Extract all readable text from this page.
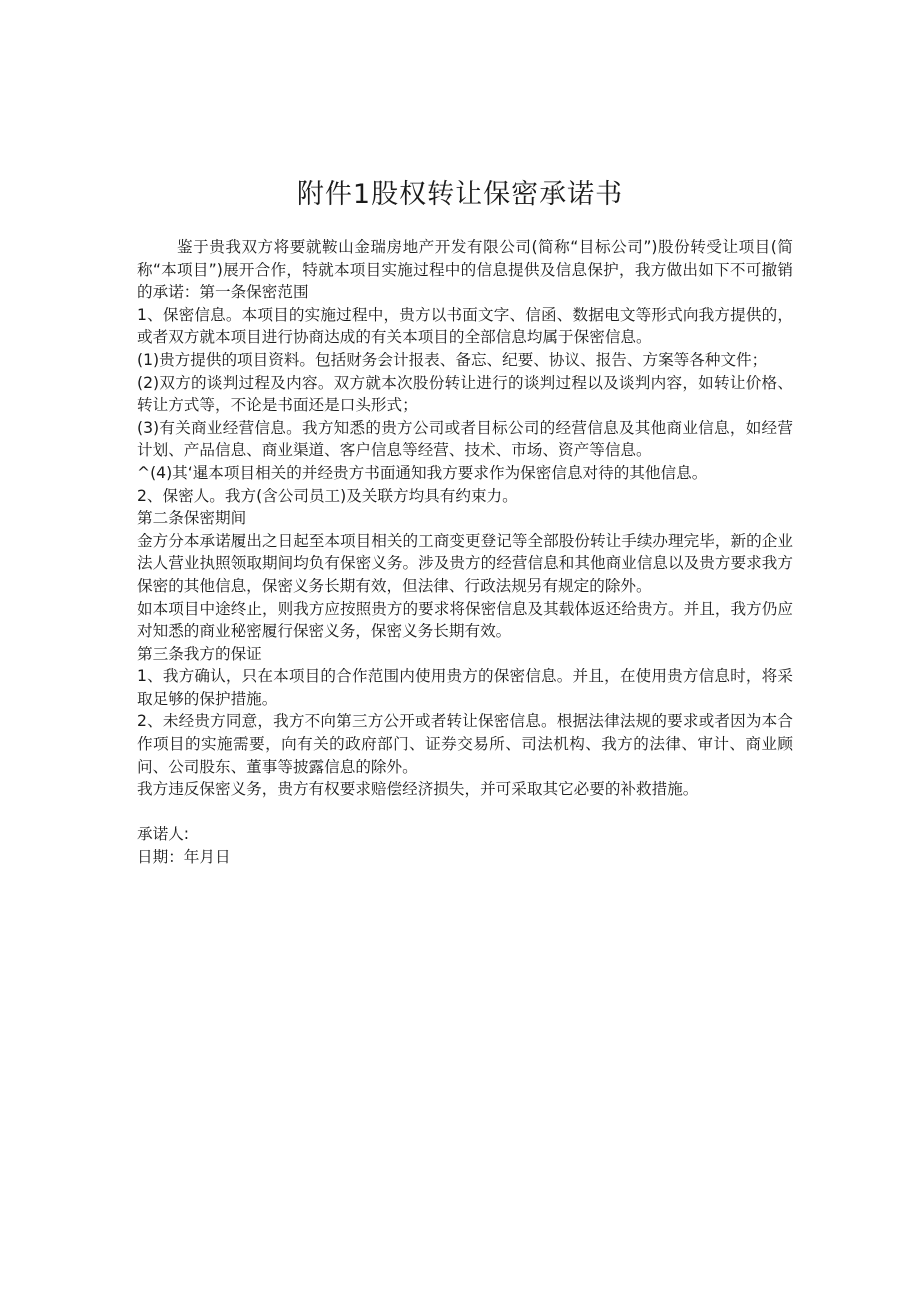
附件1股权转让保密承诺书

鉴于贵我双方将要就鞍山金瑞房地产开发有限公司(简称“目标公司”)股份转受让项目(简称“本项目”)展开合作，特就本项目实施过程中的信息提供及信息保护，我方做出如下不可撤销的承诺：第一条保密范围

1、保密信息。本项目的实施过程中，贵方以书面文字、信函、数据电文等形式向我方提供的，或者双方就本项目进行协商达成的有关本项目的全部信息均属于保密信息。

(1)贵方提供的项目资料。包括财务会计报表、备忘、纪要、协议、报告、方案等各种文件；

(2)双方的谈判过程及内容。双方就本次股份转让进行的谈判过程以及谈判内容，如转让价格、转让方式等，不论是书面还是口头形式；

(3)有关商业经营信息。我方知悉的贵方公司或者目标公司的经营信息及其他商业信息，如经营计划、产品信息、商业渠道、客户信息等经营、技术、市场、资产等信息。

^(4)其‘暹本项目相关的并经贵方书面通知我方要求作为保密信息对待的其他信息。

2、保密人。我方(含公司员工)及关联方均具有约束力。

第二条保密期间

金方分本承诺履出之日起至本项目相关的工商变更登记等全部股份转让手续办理完毕，新的企业法人营业执照领取期间均负有保密义务。涉及贵方的经营信息和其他商业信息以及贵方要求我方保密的其他信息，保密义务长期有效，但法律、行政法规另有规定的除外。

如本项目中途终止，则我方应按照贵方的要求将保密信息及其载体返还给贵方。并且，我方仍应对知悉的商业秘密履行保密义务，保密义务长期有效。

第三条我方的保证

1、我方确认，只在本项目的合作范围内使用贵方的保密信息。并且，在使用贵方信息时，将采取足够的保护措施。

2、未经贵方同意，我方不向第三方公开或者转让保密信息。根据法律法规的要求或者因为本合作项目的实施需要，向有关的政府部门、证券交易所、司法机构、我方的法律、审计、商业顾问、公司股东、董事等披露信息的除外。

我方违反保密义务，贵方有权要求赔偿经济损失，并可采取其它必要的补救措施。

承诺人:

日期：年月日
